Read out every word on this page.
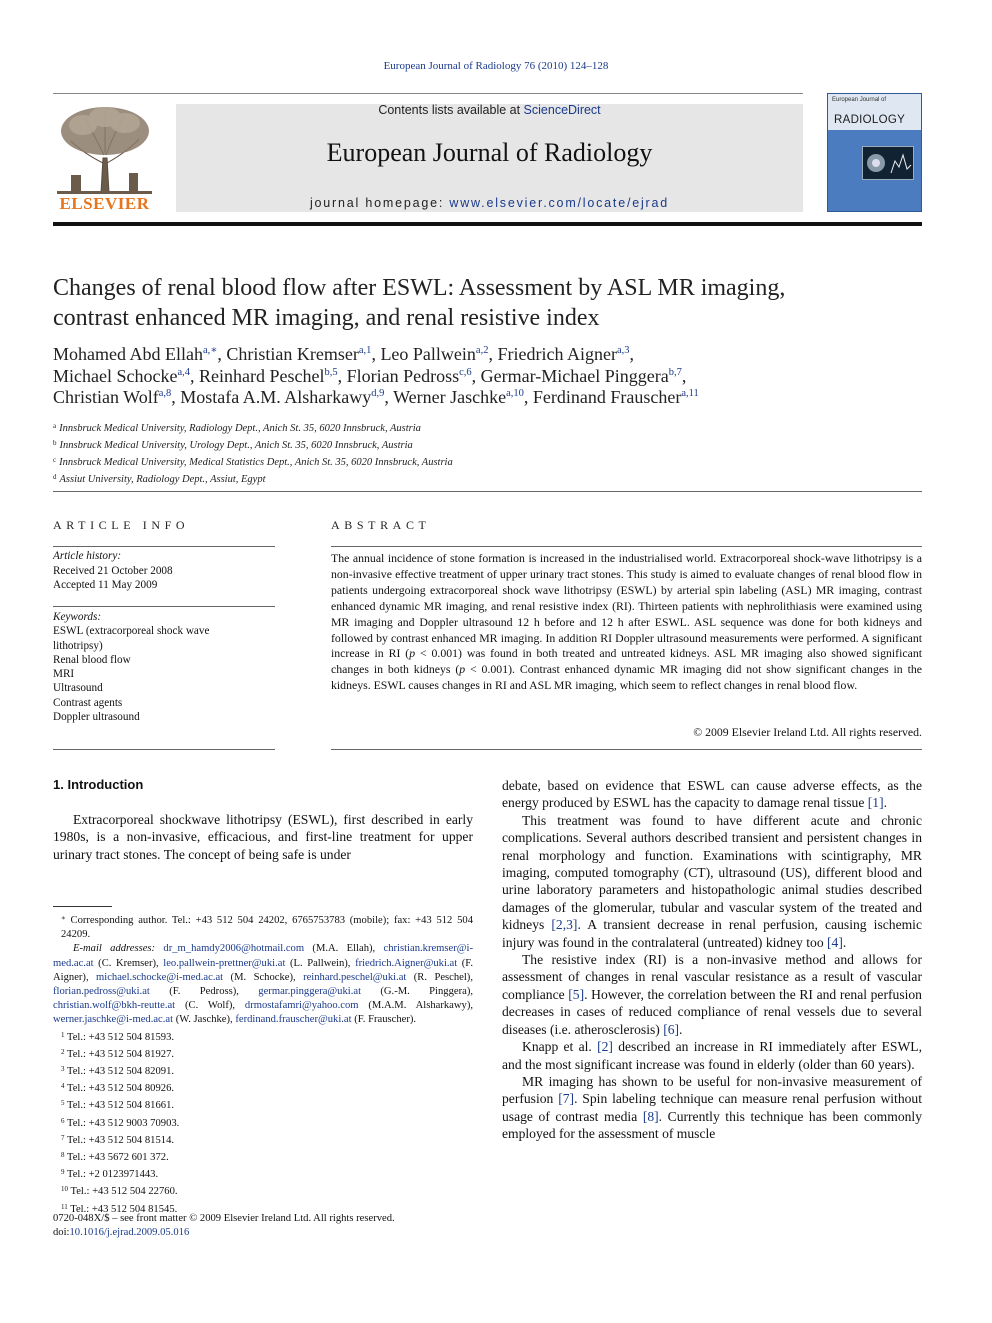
European Journal of Radiology 76 (2010) 124–128
ELSEVIER
Contents lists available at ScienceDirect
European Journal of Radiology
journal homepage: www.elsevier.com/locate/ejrad
European Journal of
RADIOLOGY
Changes of renal blood flow after ESWL: Assessment by ASL MR imaging,
contrast enhanced MR imaging, and renal resistive index
Mohamed Abd Ellah$^{a,∗}$, Christian Kremser$^{a,1}$, Leo Pallwein$^{a,2}$, Friedrich Aigner$^{a,3}$,
Michael Schocke$^{a,4}$, Reinhard Peschel$^{b,5}$, Florian Pedross$^{c,6}$, Germar-Michael Pinggera$^{b,7}$,
Christian Wolf$^{a,8}$, Mostafa A.M. Alsharkawy$^{d,9}$, Werner Jaschke$^{a,10}$, Ferdinand Frauscher$^{a,11}$
$^a$ Innsbruck Medical University, Radiology Dept., Anich St. 35, 6020 Innsbruck, Austria
$^b$ Innsbruck Medical University, Urology Dept., Anich St. 35, 6020 Innsbruck, Austria
$^c$ Innsbruck Medical University, Medical Statistics Dept., Anich St. 35, 6020 Innsbruck, Austria
$^d$ Assiut University, Radiology Dept., Assiut, Egypt
ARTICLE INFO	ABSTRACT
Article history:
Received 21 October 2008
Accepted 11 May 2009
Keywords:
ESWL (extracorporeal shock wave
lithotripsy)
Renal blood flow
MRI
Ultrasound
Contrast agents
Doppler ultrasound
The annual incidence of stone formation is increased in the industrialised world. Extracorporeal shock-wave lithotripsy is a non-invasive effective treatment of upper urinary tract stones. This study is aimed to evaluate changes of renal blood flow in patients undergoing extracorporeal shock wave lithotripsy (ESWL) by arterial spin labeling (ASL) MR imaging, contrast enhanced dynamic MR imaging, and renal resistive index (RI). Thirteen patients with nephrolithiasis were examined using MR imaging and Doppler ultrasound 12 h before and 12 h after ESWL. ASL sequence was done for both kidneys and followed by contrast enhanced MR imaging. In addition RI Doppler ultrasound measurements were performed. A significant increase in RI (p < 0.001) was found in both treated and untreated kidneys. ASL MR imaging also showed significant changes in both kidneys (p < 0.001). Contrast enhanced dynamic MR imaging did not show significant changes in the kidneys. ESWL causes changes in RI and ASL MR imaging, which seem to reflect changes in renal blood flow.
© 2009 Elsevier Ireland Ltd. All rights reserved.
1. Introduction
Extracorporeal shockwave lithotripsy (ESWL), first described in early 1980s, is a non-invasive, efficacious, and first-line treatment for upper urinary tract stones. The concept of being safe is under

debate, based on evidence that ESWL can cause adverse effects, as the energy produced by ESWL has the capacity to damage renal tissue [1].

This treatment was found to have different acute and chronic complications. Several authors described transient and persistent changes in renal morphology and function. Examinations with scintigraphy, MR imaging, computed tomography (CT), ultrasound (US), different blood and urine laboratory parameters and histopathologic animal studies described damages of the glomerular, tubular and vascular system of the treated and kidneys [2,3]. A transient decrease in renal perfusion, causing ischemic injury was found in the contralateral (untreated) kidney too [4].

The resistive index (RI) is a non-invasive method and allows for assessment of changes in renal vascular resistance as a result of vascular compliance [5]. However, the correlation between the RI and renal perfusion decreases in cases of reduced compliance of renal vessels due to several diseases (i.e. atherosclerosis) [6].

Knapp et al. [2] described an increase in RI immediately after ESWL, and the most significant increase was found in elderly (older than 60 years).

MR imaging has shown to be useful for non-invasive measurement of perfusion [7]. Spin labeling technique can measure renal perfusion without usage of contrast media [8]. Currently this technique has been commonly employed for the assessment of muscle

∗ Corresponding author. Tel.: +43 512 504 24202, 6765753783 (mobile); fax: +43 512 504 24209.
E-mail addresses: dr_m_hamdy2006@hotmail.com (M.A. Ellah), christian.kremser@i-med.ac.at (C. Kremser), leo.pallwein-prettner@uki.at (L. Pallwein), friedrich.Aigner@uki.at (F. Aigner), michael.schocke@i-med.ac.at (M. Schocke), reinhard.peschel@uki.at (R. Peschel), florian.pedross@uki.at (F. Pedross), germar.pinggera@uki.at (G.-M. Pinggera), christian.wolf@bkh-reutte.at (C. Wolf), drmostafamri@yahoo.com (M.A.M. Alsharkawy), werner.jaschke@i-med.ac.at (W. Jaschke), ferdinand.frauscher@uki.at (F. Frauscher).
$^1$ Tel.: +43 512 504 81593.
$^2$ Tel.: +43 512 504 81927.
$^3$ Tel.: +43 512 504 82091.
$^4$ Tel.: +43 512 504 80926.
$^5$ Tel.: +43 512 504 81661.
$^6$ Tel.: +43 512 9003 70903.
$^7$ Tel.: +43 512 504 81514.
$^8$ Tel.: +43 5672 601 372.
$^9$ Tel.: +2 0123971443.
$^{10}$ Tel.: +43 512 504 22760.
$^{11}$ Tel.: +43 512 504 81545.
0720-048X/$ – see front matter © 2009 Elsevier Ireland Ltd. All rights reserved.
doi:10.1016/j.ejrad.2009.05.016
